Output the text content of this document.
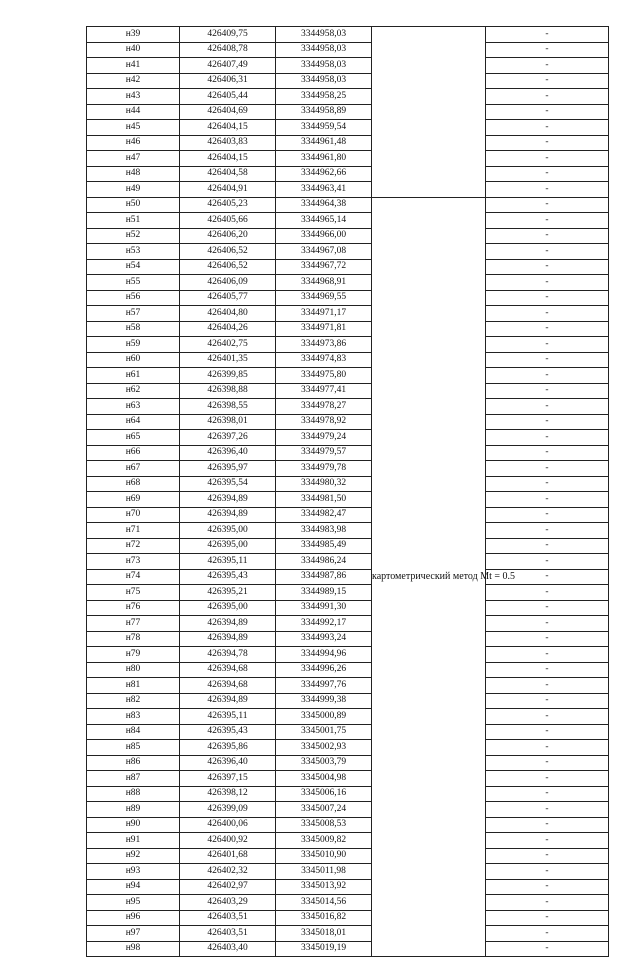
н39	426409,75	3344958,03		-
н40	426408,78	3344958,03		-
н41	426407,49	3344958,03		-
н42	426406,31	3344958,03		-
н43	426405,44	3344958,25		-
н44	426404,69	3344958,89		-
н45	426404,15	3344959,54		-
н46	426403,83	3344961,48		-
н47	426404,15	3344961,80		-
н48	426404,58	3344962,66		-
н49	426404,91	3344963,41		-
н50	426405,23	3344964,38	картометрический метод Mt = 0.5	-
н51	426405,66	3344965,14		-
н52	426406,20	3344966,00		-
н53	426406,52	3344967,08		-
н54	426406,52	3344967,72		-
н55	426406,09	3344968,91		-
н56	426405,77	3344969,55		-
н57	426404,80	3344971,17		-
н58	426404,26	3344971,81		-
н59	426402,75	3344973,86		-
н60	426401,35	3344974,83		-
н61	426399,85	3344975,80		-
н62	426398,88	3344977,41		-
н63	426398,55	3344978,27		-
н64	426398,01	3344978,92		-
н65	426397,26	3344979,24		-
н66	426396,40	3344979,57		-
н67	426395,97	3344979,78		-
н68	426395,54	3344980,32		-
н69	426394,89	3344981,50		-
н70	426394,89	3344982,47		-
н71	426395,00	3344983,98		-
н72	426395,00	3344985,49		-
н73	426395,11	3344986,24		-
н74	426395,43	3344987,86		-
н75	426395,21	3344989,15		-
н76	426395,00	3344991,30		-
н77	426394,89	3344992,17		-
н78	426394,89	3344993,24		-
н79	426394,78	3344994,96		-
н80	426394,68	3344996,26		-
н81	426394,68	3344997,76		-
н82	426394,89	3344999,38		-
н83	426395,11	3345000,89		-
н84	426395,43	3345001,75		-
н85	426395,86	3345002,93		-
н86	426396,40	3345003,79		-
н87	426397,15	3345004,98		-
н88	426398,12	3345006,16		-
н89	426399,09	3345007,24		-
н90	426400,06	3345008,53		-
н91	426400,92	3345009,82		-
н92	426401,68	3345010,90		-
н93	426402,32	3345011,98		-
н94	426402,97	3345013,92		-
н95	426403,29	3345014,56		-
н96	426403,51	3345016,82		-
н97	426403,51	3345018,01		-
н98	426403,40	3345019,19		-
